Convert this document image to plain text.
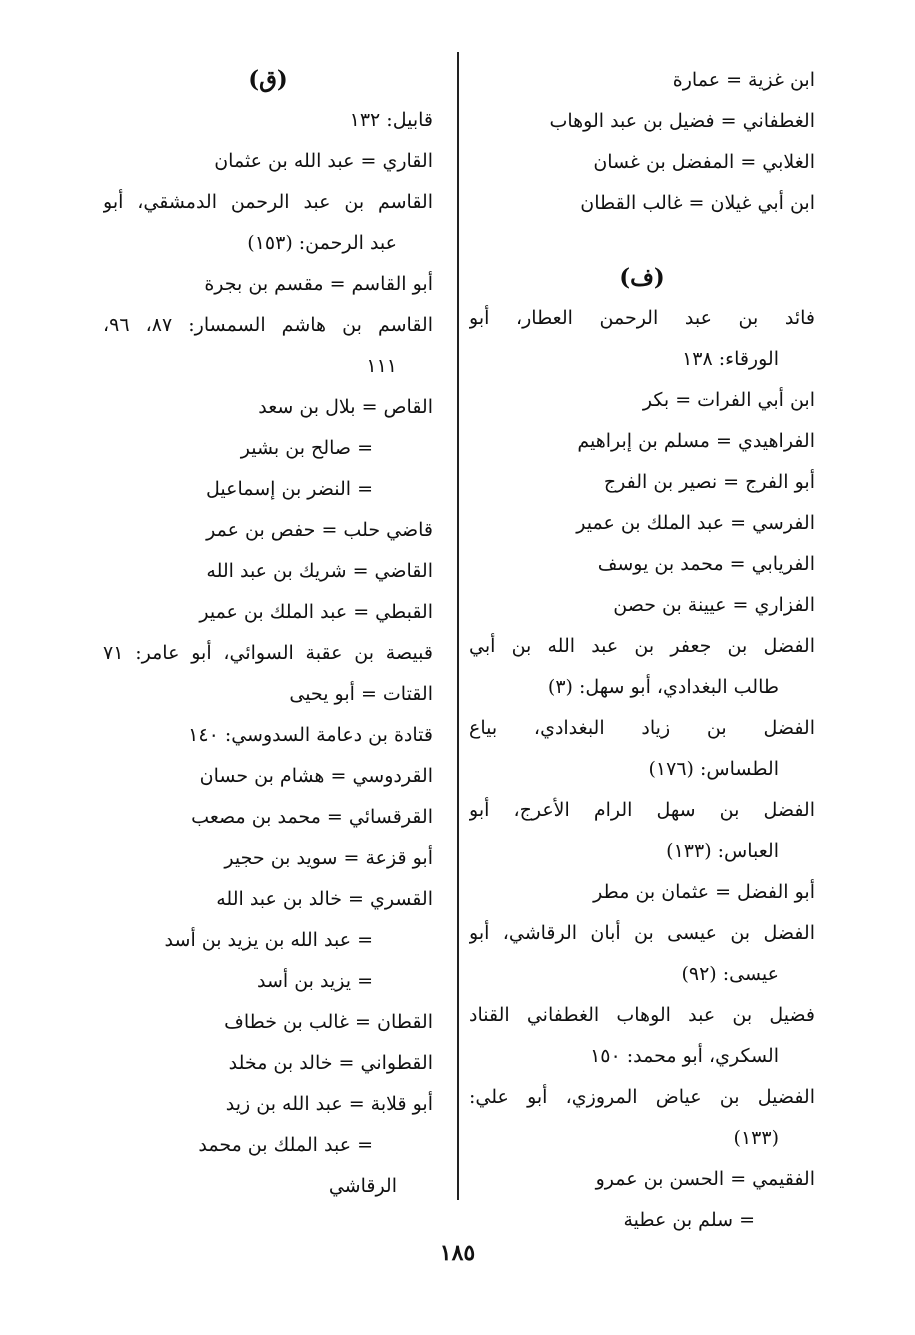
ابن غزية = عمارة
الغطفاني = فضيل بن عبد الوهاب
الغلابي = المفضل بن غسان
ابن أبي غيلان = غالب القطان
(ف)
فائد بن عبد الرحمن العطار، أبو
الورقاء: ١٣٨
ابن أبي الفرات = بكر
الفراهيدي = مسلم بن إبراهيم
أبو الفرج = نصير بن الفرج
الفرسي = عبد الملك بن عمير
الفريابي = محمد بن يوسف
الفزاري = عيينة بن حصن
الفضل بن جعفر بن عبد الله بن أبي
طالب البغدادي، أبو سهل: (٣)
الفضل بن زياد البغدادي، بياع
الطساس: (١٧٦)
الفضل بن سهل الرام الأعرج، أبو
العباس: (١٣٣)
أبو الفضل = عثمان بن مطر
الفضل بن عيسى بن أبان الرقاشي، أبو
عيسى: (٩٢)
فضيل بن عبد الوهاب الغطفاني القناد
السكري، أبو محمد: ١٥٠
الفضيل بن عياض المروزي، أبو علي:
(١٣٣)
الفقيمي = الحسن بن عمرو
= سلم بن عطية
(ق)
قابيل: ١٣٢
القاري = عبد الله بن عثمان
القاسم بن عبد الرحمن الدمشقي، أبو
عبد الرحمن: (١٥٣)
أبو القاسم = مقسم بن بجرة
القاسم بن هاشم السمسار: ٨٧، ٩٦،
١١١
القاص = بلال بن سعد
= صالح بن بشير
= النضر بن إسماعيل
قاضي حلب = حفص بن عمر
القاضي = شريك بن عبد الله
القبطي = عبد الملك بن عمير
قبيصة بن عقبة السوائي، أبو عامر: ٧١
القتات = أبو يحيى
قتادة بن دعامة السدوسي: ١٤٠
القردوسي = هشام بن حسان
القرقسائي = محمد بن مصعب
أبو قزعة = سويد بن حجير
القسري = خالد بن عبد الله
= عبد الله بن يزيد بن أسد
= يزيد بن أسد
القطان = غالب بن خطاف
القطواني = خالد بن مخلد
أبو قلابة = عبد الله بن زيد
= عبد الملك بن محمد
الرقاشي
١٨٥
